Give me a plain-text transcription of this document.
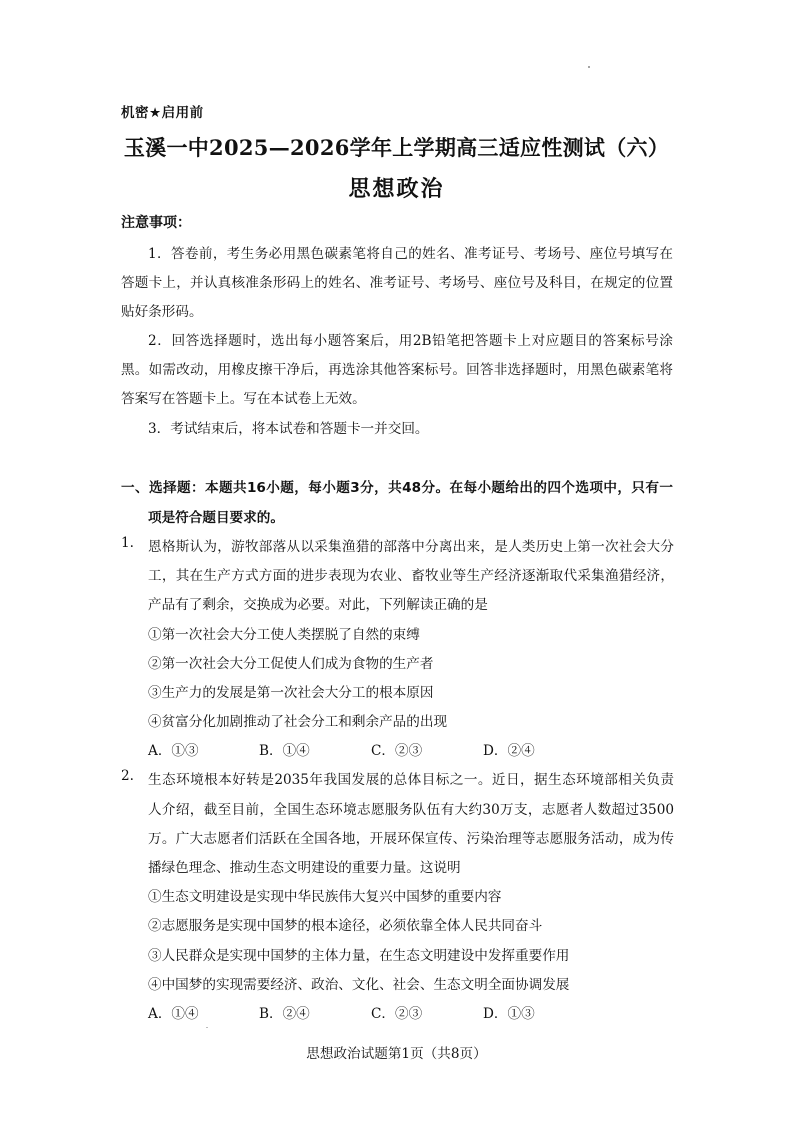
机密★启用前
玉溪一中2025—2026学年上学期高三适应性测试（六）
思想政治
注意事项：
1．答卷前，考生务必用黑色碳素笔将自己的姓名、准考证号、考场号、座位号填写在
答题卡上，并认真核准条形码上的姓名、准考证号、考场号、座位号及科目，在规定的位置
贴好条形码。
2．回答选择题时，选出每小题答案后，用2B铅笔把答题卡上对应题目的答案标号涂
黑。如需改动，用橡皮擦干净后，再选涂其他答案标号。回答非选择题时，用黑色碳素笔将
答案写在答题卡上。写在本试卷上无效。
3．考试结束后，将本试卷和答题卡一并交回。
一、选择题：本题共16小题，每小题3分，共48分。在每小题给出的四个选项中，只有一
项是符合题目要求的。
1. 恩格斯认为，游牧部落从以采集渔猎的部落中分离出来，是人类历史上第一次社会大分
工，其在生产方式方面的进步表现为农业、畜牧业等生产经济逐渐取代采集渔猎经济，
产品有了剩余，交换成为必要。对此，下列解读正确的是
①第一次社会大分工使人类摆脱了自然的束缚
②第一次社会大分工促使人们成为食物的生产者
③生产力的发展是第一次社会大分工的根本原因
④贫富分化加剧推动了社会分工和剩余产品的出现
A．①③	B．①④	C．②③	D．②④
2. 生态环境根本好转是2035年我国发展的总体目标之一。近日，据生态环境部相关负责
人介绍，截至目前，全国生态环境志愿服务队伍有大约30万支，志愿者人数超过3500
万。广大志愿者们活跃在全国各地，开展环保宣传、污染治理等志愿服务活动，成为传
播绿色理念、推动生态文明建设的重要力量。这说明
①生态文明建设是实现中华民族伟大复兴中国梦的重要内容
②志愿服务是实现中国梦的根本途径，必须依靠全体人民共同奋斗
③人民群众是实现中国梦的主体力量，在生态文明建设中发挥重要作用
④中国梦的实现需要经济、政治、文化、社会、生态文明全面协调发展
A．①④	B．②④	C．②③	D．①③
思想政治试题第1页（共8页）
